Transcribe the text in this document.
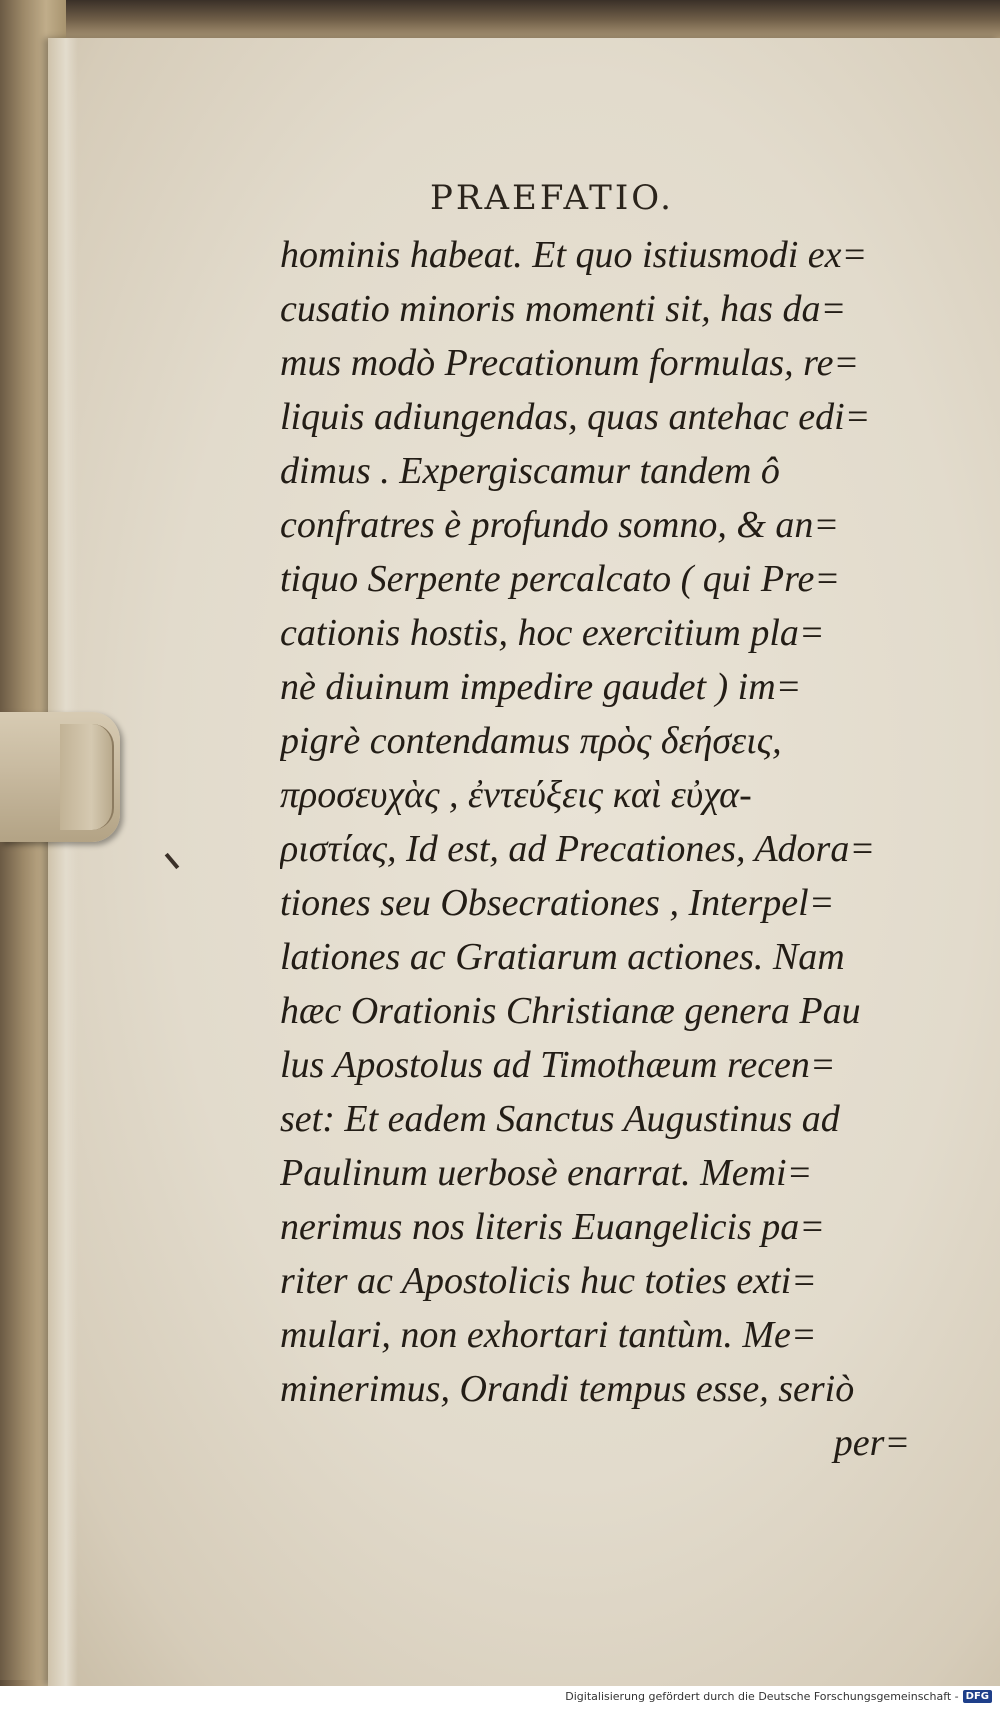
PRAEFATIO.
hominis habeat. Et quo istiusmodi ex=
cusatio minoris momenti sit, has da=
mus modò Precationum formulas, re=
liquis adiungendas, quas antehac edi=
dimus . Expergiscamur tandem ô
confratres è profundo somno, & an=
tiquo Serpente percalcato ( qui Pre=
cationis hostis, hoc exercitium pla=
nè diuinum impedire gaudet ) im=
pigrè contendamus πρὸς δεήσεις,
προσευχὰς , ἐντεύξεις καὶ εὐχα-
ριστίας, Id est, ad Precationes, Adora=
tiones seu Obsecrationes , Interpel=
lationes ac Gratiarum actiones. Nam
hæc Orationis Christianæ genera Pau
lus Apostolus ad Timothæum recen=
set: Et eadem Sanctus Augustinus ad
Paulinum uerbosè enarrat. Memi=
nerimus nos literis Euangelicis pa=
riter ac Apostolicis huc toties exti=
mulari, non exhortari tantùm. Me=
minerimus, Orandi tempus esse, seriò
per=
Digitalisierung gefördert durch die Deutsche Forschungsgemeinschaft - DFG
